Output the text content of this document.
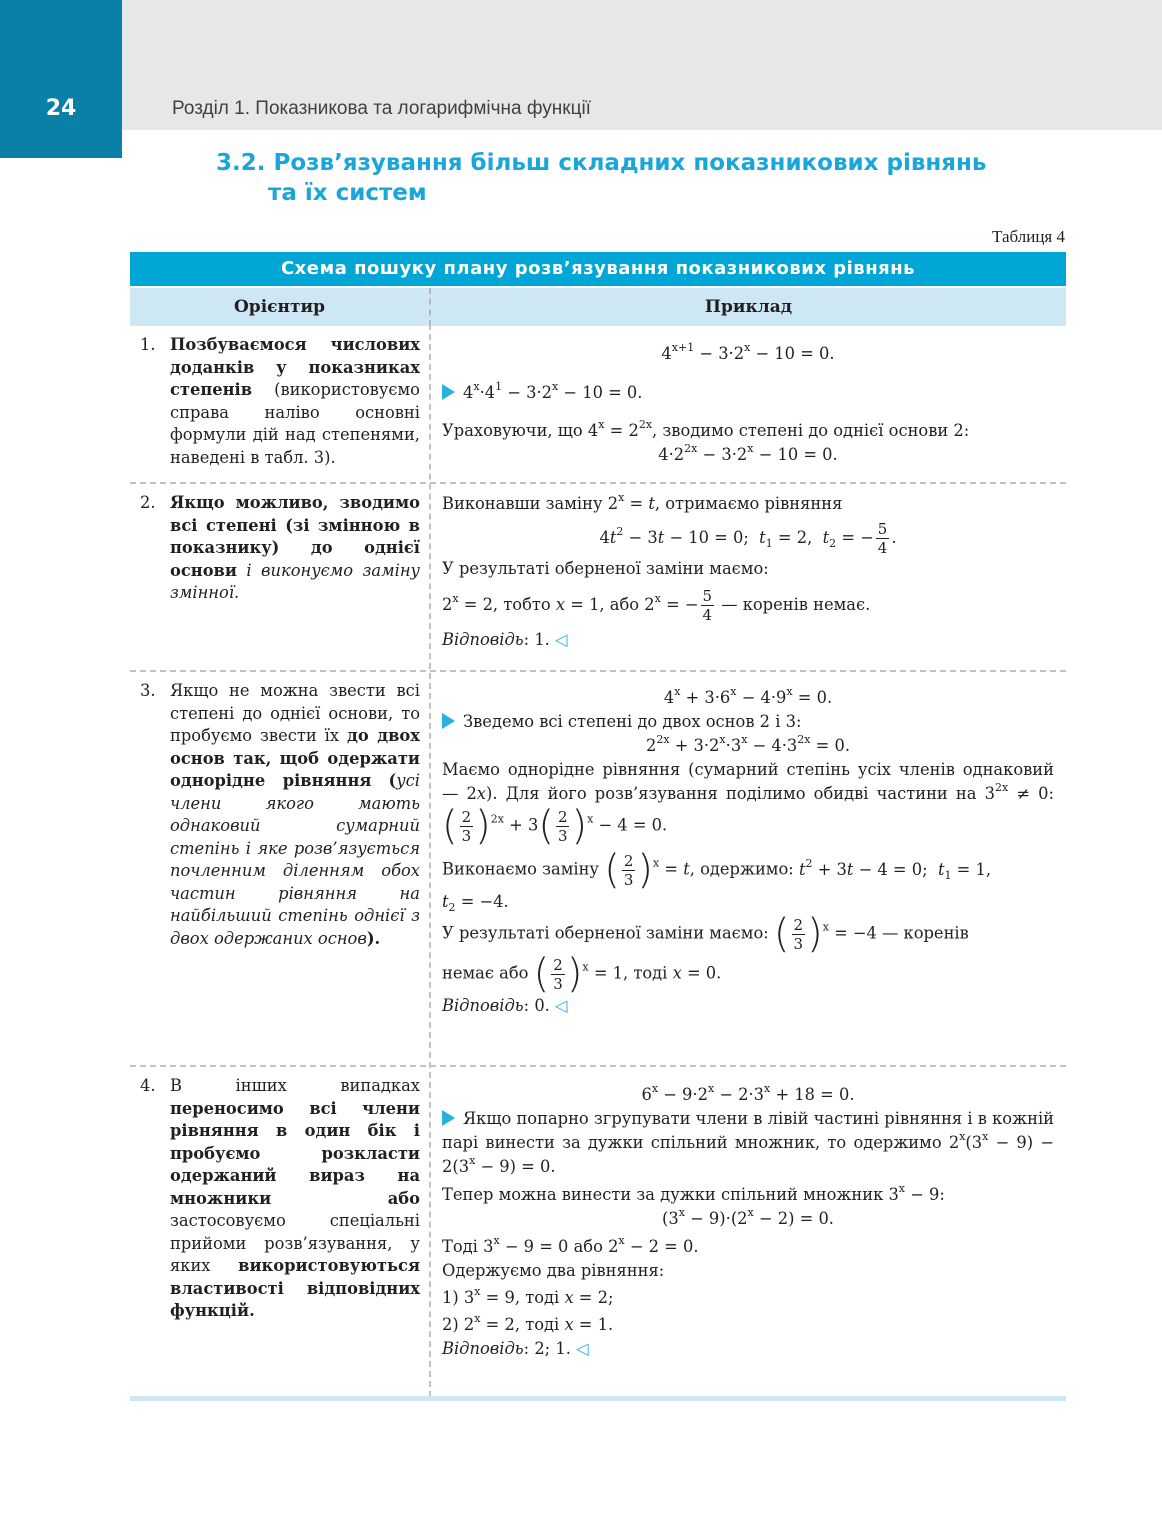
24	Розділ 1. Показникова та логарифмічна функції
3.2. Розв’язування більш складних показникових рівнянь
та їх систем
Таблиця 4
Схема пошуку плану розв’язування показникових рівнянь
Орієнтир	Приклад
1. Позбуваємося числових доданків у показниках степенів (використовуємо справа наліво основні формули дій над степенями, наведені в табл. 3).
$4^{x+1} - 3\cdot 2^x - 10 = 0$.
$4^x\cdot 4^1 - 3\cdot 2^x - 10 = 0$.
Ураховуючи, що $4^x = 2^{2x}$, зводимо степені до однієї основи 2:
$4\cdot 2^{2x} - 3\cdot 2^x - 10 = 0$.
2. Якщо можливо, зводимо всі степені (зі змінною в показнику) до однієї основи і виконуємо заміну змінної.
Виконавши заміну $2^x = t$, отримаємо рівняння
$4t^2 - 3t - 10 = 0$;  $t_1 = 2$,  $t_2$ = − $\frac{5}{4}$ .
У результаті оберненої заміни маємо:
$2^x = 2$, тобто x = 1, або $2^x$ = − $\frac{5}{4}$ — коренів немає.
Відповідь: 1. ◁
3. Якщо не можна звести всі степені до однієї основи, то пробуємо звести їх до двох основ так, щоб одержати однорідне рівняння (усі члени якого мають однаковий сумарний степінь і яке розв’язується почленним діленням обох частин рівняння на найбільший степінь однієї з двох одержаних основ).
$4^x + 3\cdot 6^x - 4\cdot 9^x = 0$.
Зведемо всі степені до двох основ 2 і 3:
$2^{2x} + 3\cdot 2^x\cdot 3^x - 4\cdot 3^{2x} = 0$.
Маємо однорідне рівняння (сумарний степінь усіх членів однаковий — 2x). Для його розв’язування поділимо обидві частини на $3^{2x} \ne 0$: ( $\frac{2}{3} )^{2x} + 3( \frac{2}{3} )^x - 4 = 0$.
Виконаємо заміну ( $\frac{2}{3} )^x = t$, одержимо: $t^2 + 3t - 4 = 0$;  $t_1 = 1$,
$t_2 = -4$.
У результаті оберненої заміни маємо: ( $\frac{2}{3} )^x = -4$ — коренів
немає або ( $\frac{2}{3} )^x = 1$, тоді x = 0.
Відповідь: 0. ◁
4. В інших випадках переносимо всі члени рівняння в один бік і пробуємо розкласти одержаний вираз на множники або застосовуємо спеціальні прийоми розв’язування, у яких використовуються властивості відповідних функцій.
$6^x - 9\cdot 2^x - 2\cdot 3^x + 18 = 0$.
Якщо попарно згрупувати члени в лівій частині рівняння і в кожній парі винести за дужки спільний множник, то одержимо $2^x(3^x - 9) - 2(3^x - 9) = 0$.
Тепер можна винести за дужки спільний множник $3^x - 9$:
$(3^x - 9)\cdot(2^x - 2) = 0$.
Тоді $3^x - 9 = 0$ або $2^x - 2 = 0$.
Одержуємо два рівняння:
1) $3^x = 9$, тоді x = 2;
2) $2^x = 2$, тоді x = 1.
Відповідь: 2; 1. ◁
